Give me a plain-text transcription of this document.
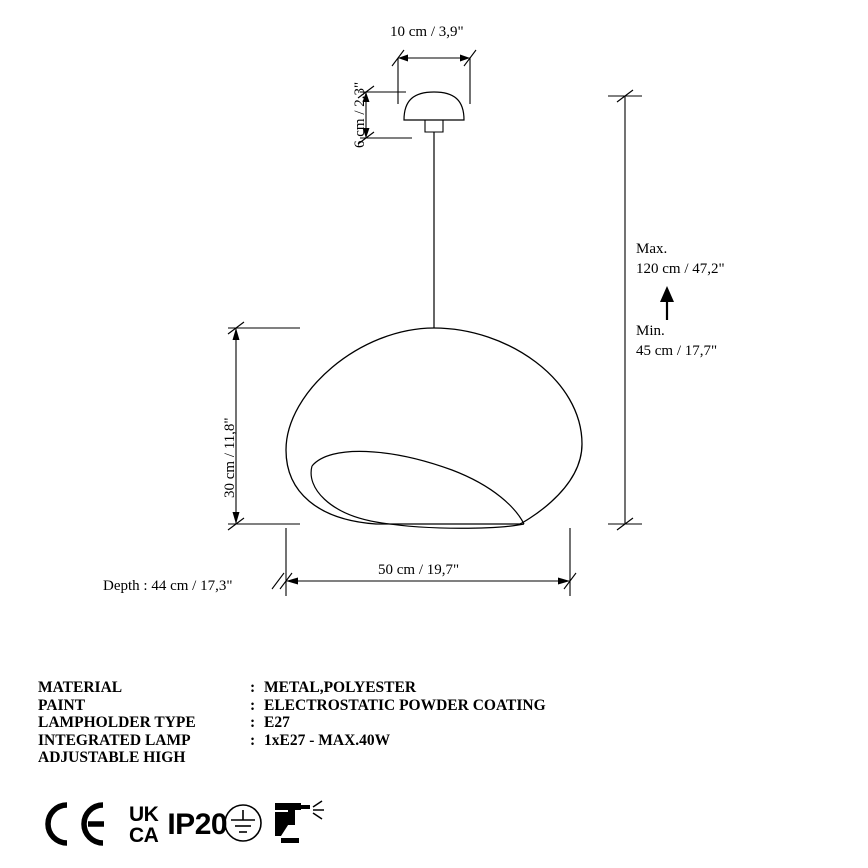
10 cm / 3,9"
6 cm / 2,3"
30 cm / 11,8"
50 cm / 19,7"
Depth : 44 cm / 17,3"
Max.
120 cm / 47,2"
Min.
45 cm / 17,7"
MATERIAL	:	METAL,POLYESTER
PAINT	:	ELECTROSTATIC POWDER COATING
LAMPHOLDER TYPE	:	E27
INTEGRATED LAMP	:	1xE27 - MAX.40W
ADJUSTABLE HIGH		
UK
CA IP20
